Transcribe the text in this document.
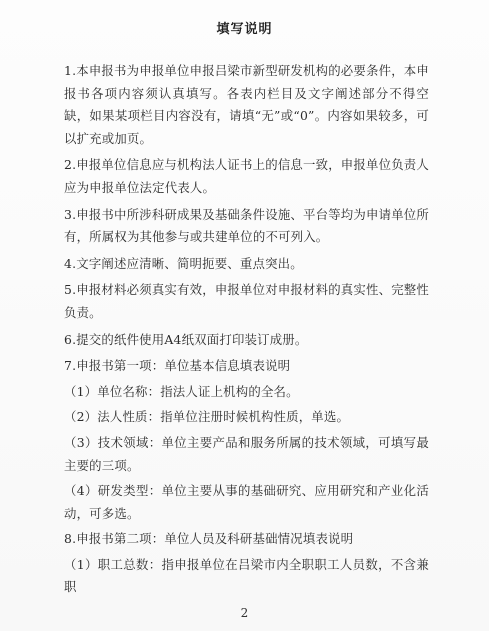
填写说明

1.本申报书为申报单位申报吕梁市新型研发机构的必要条件，本申报书各项内容须认真填写。各表内栏目及文字阐述部分不得空缺，如果某项栏目内容没有，请填“无”或“0”。内容如果较多，可以扩充或加页。

2.申报单位信息应与机构法人证书上的信息一致，申报单位负责人应为申报单位法定代表人。

3.申报书中所涉科研成果及基础条件设施、平台等均为申请单位所有，所属权为其他参与或共建单位的不可列入。

4.文字阐述应清晰、简明扼要、重点突出。

5.申报材料必须真实有效，申报单位对申报材料的真实性、完整性负责。

6.提交的纸件使用A4纸双面打印装订成册。

7.申报书第一项：单位基本信息填表说明

（1）单位名称：指法人证上机构的全名。

（2）法人性质：指单位注册时候机构性质，单选。

（3）技术领域：单位主要产品和服务所属的技术领域，可填写最主要的三项。

（4）研发类型：单位主要从事的基础研究、应用研究和产业化活动，可多选。

8.申报书第二项：单位人员及科研基础情况填表说明

（1）职工总数：指申报单位在吕梁市内全职职工人员数，不含兼职

2
